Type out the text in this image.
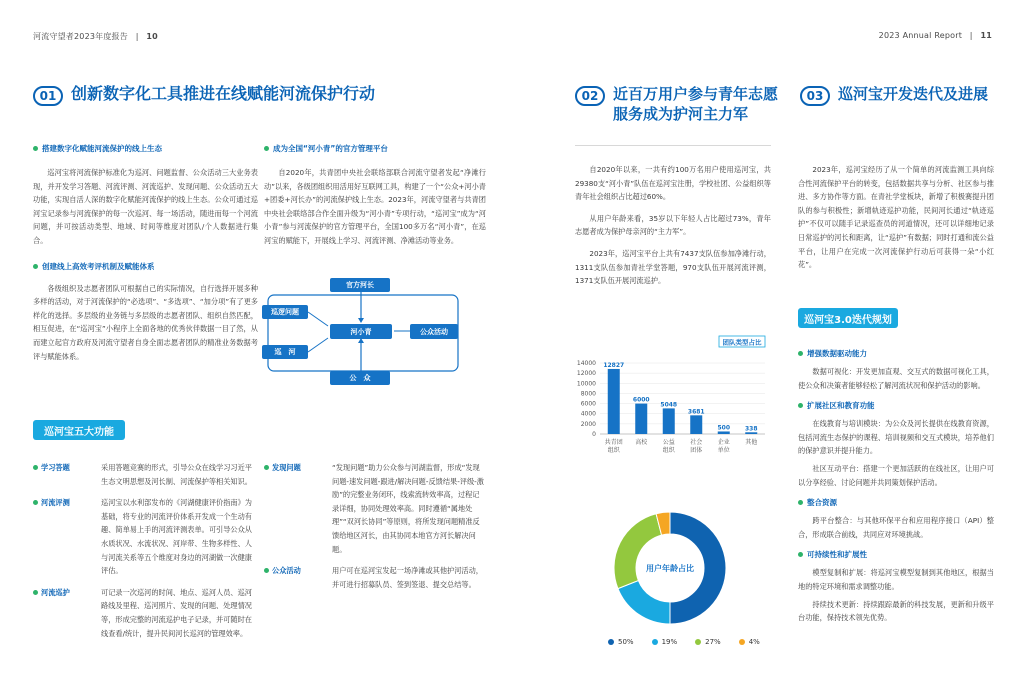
河流守望者2023年度报告 | 10	2023 Annual Report | 11
01 创新数字化工具推进在线赋能河流保护行动
搭建数字化赋能河流保护的线上生态
巡河宝将河流保护标准化为巡河、问题监督、公众活动三大业务表现，并开发学习答题、河流评测、河流巡护、发现问题、公众活动五大功能，实现自活人深的数字化赋能河流保护的线上生态。公众可通过巡河宝记录参与河流保护的每一次巡河、每一场活动，随进而每一个河流问题，并可按活动类型、地域、时间等维度对团队/个人数据进行集合。
创建线上高效考评机制及赋能体系
各级组织及志愿者团队可根据自己的实际情况，自行选择开展多种多样的活动，对于河流保护的“必选项”、“多选项”、“加分项”有了更多样化的选择。多层级的业务链与多层级的志愿者团队、组织自然匹配，相互促进，在“巡河宝”小程序上全面各地的优秀伙伴数据一目了然，从而建立起官方政府及河流守望者自身全面志愿者团队的精准业务数据考评与赋能体系。
成为全国“河小青”的官方管理平台
自2020年，共青团中央社会联络部联合河流守望者发起“净滩行动”以来，各级团组织用活用好互联网工具，构建了一个“公众+河小青+团委+河长办”的河流保护线上生态。2023年，河流守望者与共青团中央社会联络部合作全面升级为“河小青”专项行动，“巡河宝”成为“河小青”参与河流保护的官方管理平台，全国100多万名“河小青”，在巡河宝的赋能下，开展线上学习、河流评测、净滩活动等业务。
官方河长
巡逻问题
河小青	公众活动
巡　河
公　众
巡河宝五大功能
学习答题	采用答题竞赛的形式，引导公众在线学习习近平生态文明思想及河长制、河流保护等相关知识。
河流评测	巡河宝以水利部发布的《河湖健康评价指南》为基础，将专业的河流评价体系开发成一个生动有趣、简单易上手的河流评测表单。可引导公众从水质状况、水流状况、河岸带、生物多样性、人与河流关系等五个维度对身边的河湖做一次健康评估。
河流巡护	可记录一次巡河的时间、地点、巡河人员、巡河路线及里程、巡河照片、发现的问题、处理情况等，形成完整的河流巡护电子记录，并可随时在线查看/统计，提升民间河长巡河的管理效率。
发现问题	“发现问题”助力公众参与河湖监督，形成“发现问题-速发问题-跟进/解决问题-反馈结果-评级-激励”的完整业务闭环，线索流转效率高，过程记录详细，协同处理效率高。同时遵循“属地处理”“双河长协同”等原则，将所发现问题精准反馈给地区河长，由其协同本地官方河长解决问题。
公众活动	用户可在巡河宝发起一场净滩或其他护河活动，并可进行招募队员、签到签退、提交总结等。
02 近百万用户参与青年志愿服务成为护河主力军
自2020年以来，一共有约100万名用户使用巡河宝，共29380支“河小青”队伍在巡河宝注册，学校社团、公益组织等青年社会组织占比超过60%。
从用户年龄来看，35岁以下年轻人占比超过73%，青年志愿者成为保护母亲河的“主力军”。
2023年，巡河宝平台上共有7437支队伍参加净滩行动，1311支队伍参加青社学堂答题，970支队伍开展河流评测，1371支队伍开展河流巡护。
团队类型占比
0
2000
4000
6000
8000
10000
12000
14000 12827
共青团组织
6000
高校
5048
公益组织
3681
社会团体
500
企业单位
338
其他
用户年龄占比
50%	19%	27%	4%
03 巡河宝开发迭代及进展
2023年，巡河宝经历了从一个简单的河流监测工具向综合性河流保护平台的转变，包括数据共享与分析、社区参与推进、多方协作等方面。在青社学堂板块，新增了积极赛提升团队的参与积极性；新增轨迹巡护功能，民间河长通过“轨迹巡护”不仅可以随手记录巡查员的河道情况，还可以详细地记录日常巡护的河长和距离，让“巡护”有数据；同时打通和流公益平台，让用户在完成一次河流保护行动后可获得一朵“小红花”。
巡河宝3.0迭代规划
增强数据驱动能力
数据可视化：开发更加直观、交互式的数据可视化工具，使公众和决策者能够轻松了解河流状况和保护活动的影响。
扩展社区和教育功能
在线教育与培训模块：为公众及河长提供在线教育资源，包括河流生态保护的课程、培训视频和交互式模块，培养他们的保护意识并提升能力。
社区互动平台：搭建一个更加活跃的在线社区，让用户可以分享经验、讨论问题并共同策划保护活动。
整合资源
跨平台整合：与其他环保平台和应用程序接口（API）整合，形成联合前线，共同应对环境挑战。
可持续性和扩展性
模型复制和扩展：将巡河宝模型复制到其他地区，根据当地的特定环境和需求调整功能。
持续技术更新：持续跟踪最新的科技发展，更新和升级平台功能，保持技术领先优势。
